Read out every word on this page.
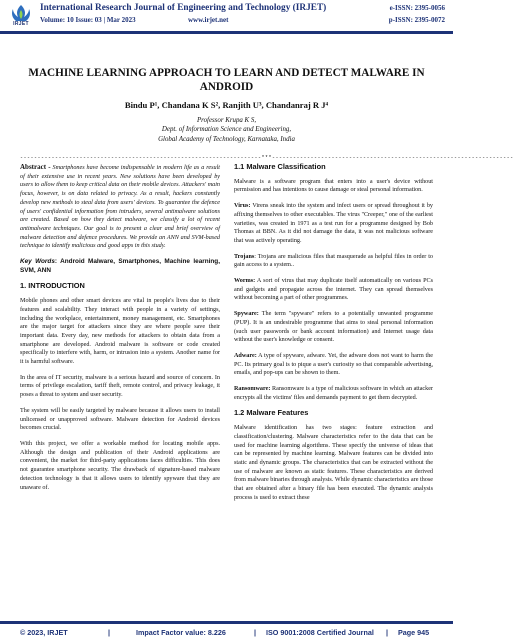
IRJET
International Research Journal of Engineering and Technology (IRJET)
Volume: 10 Issue: 03 | Mar 2023	www.irjet.net
e-ISSN: 2395-0056
p-ISSN: 2395-0072
MACHINE LEARNING APPROACH TO LEARN AND DETECT MALWARE IN ANDROID
Bindu P¹, Chandana K S², Ranjith U³, Chandanraj R J⁴
Professor Krupa K S,
Dept. of Information Science and Engineering,
Global Academy of Technology, Karnataka, India
---------------------------------------------------------------------***---------------------------------------------------------------------

Abstract - Smartphones have become indispensable in modern life as a result of their extensive use in recent years. New solutions have been developed by users to allow them to keep critical data on their mobile devices. Attackers' main focus, however, is on data related to privacy. As a result, hackers constantly develop new methods to steal data from users' devices. To guarantee the defence of users' confidential information from intruders, several antimalware solutions are created. Based on how they detect malware, we classify a lot of recent antimalware techniques. Our goal is to present a clear and brief overview of malware detection and defence procedures. We provide an ANN and SVM-based technique to identify malicious and good apps in this study.

Key Words: Android Malware, Smartphones, Machine learning, SVM, ANN

1. INTRODUCTION

Mobile phones and other smart devices are vital in people's lives due to their features and scalability. They interact with people in a variety of settings, including the workplace, entertainment, money management, etc. Smartphones are the major target for attackers since they are where people save their important data. Every day, new methods for attackers to obtain data from a smartphone are developed. Android malware is software or code created specifically to interfere with, harm, or intrusion into a system. Another name for it is harmful software.

In the area of IT security, malware is a serious hazard and source of concern. In terms of privilege escalation, tariff theft, remote control, and privacy leakage, it poses a threat to system and user security.

The system will be easily targeted by malware because it allows users to install unlicensed or unapproved software. Malware detection for Android devices becomes crucial.

With this project, we offer a workable method for locating mobile apps. Although the design and publication of their Android applications are convenient, the market for third-party applications faces difficulties. This does not guarantee smartphone security. The drawback of signature-based malware detection technology is that it allows users to identify spyware that they are unaware of.

1.1 Malware Classification

Malware is a software program that enters into a user's device without permission and has intentions to cause damage or steal personal information.

Virus: Virens sneak into the system and infect users or spread throughout it by affixing themselves to other executables. The virus "Creeper," one of the earliest varieties, was created in 1971 as a test run for a programme designed by Bob Thomas at BBN. As it did not damage the data, it was not malicious software that was actively operating.

Trojans: Trojans are malicious files that masquerade as helpful files in order to gain access to a system..

Worms: A sort of virus that may duplicate itself automatically on various PCs and gadgets and propagate across the internet. They can spread themselves without becoming a part of other programmes.

Spyware: The term "spyware" refers to a potentially unwanted programme (PUP). It is an undesirable programme that aims to steal personal information (such user passwords or bank account information) and Internet usage data without the user's knowledge or consent.

Adware: A type of spyware, adware. Yet, the adware does not want to harm the PC. Its primary goal is to pique a user's curiosity so that comparable advertising, emails, and pop-ups can be shown to them.

Ransomware: Ransomware is a type of malicious software in which an attacker encrypts all the victims' files and demands payment to get them decrypted.

1.2 Malware Features

Malware identification has two stages: feature extraction and classification/clustering. Malware characteristics refer to the data that can be used for machine learning algorithms. These specify the universe of ideas that can be represented by machine learning. Malware features can be divided into static and dynamic groups. The characteristics that can be extracted without the use of malware are known as static features. These characteristics are derived from malware binaries through analysis. While dynamic characteristics are those that are obtained after a binary file has been executed. The dynamic analysis process is used to extract these

© 2023, IRJET	|	Impact Factor value: 8.226	| ISO 9001:2008 Certified Journal | Page 945
